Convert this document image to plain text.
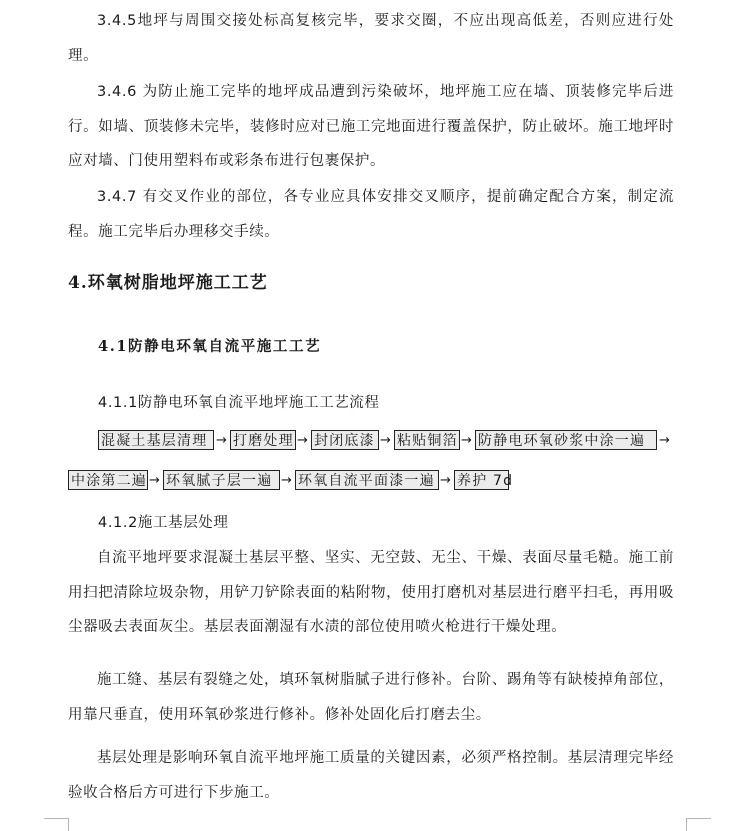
3.4.5地坪与周围交接处标高复核完毕，要求交圈，不应出现高低差，否则应进行处理。

3.4.6 为防止施工完毕的地坪成品遭到污染破坏，地坪施工应在墙、顶装修完毕后进行。如墙、顶装修未完毕，装修时应对已施工完地面进行覆盖保护，防止破坏。施工地坪时应对墙、门使用塑料布或彩条布进行包裹保护。

3.4.7 有交叉作业的部位，各专业应具体安排交叉顺序，提前确定配合方案，制定流程。施工完毕后办理移交手续。

4.环氧树脂地坪施工工艺
4.1防静电环氧自流平施工工艺

4.1.1防静电环氧自流平地坪施工工艺流程

混凝土基层清理 → 打磨处理 → 封闭底漆 → 粘贴铜箔 → 防静电环氧砂浆中涂一遍	→
中涂第二遍 → 环氧腻子层一遍 → 环氧自流平面漆一遍 → 养护 7d

4.1.2施工基层处理

自流平地坪要求混凝土基层平整、坚实、无空鼓、无尘、干燥、表面尽量毛糙。施工前用扫把清除垃圾杂物，用铲刀铲除表面的粘附物，使用打磨机对基层进行磨平扫毛，再用吸尘器吸去表面灰尘。基层表面潮湿有水渍的部位使用喷火枪进行干燥处理。

施工缝、基层有裂缝之处，填环氧树脂腻子进行修补。台阶、踢角等有缺棱掉角部位，用靠尺垂直，使用环氧砂浆进行修补。修补处固化后打磨去尘。

基层处理是影响环氧自流平地坪施工质量的关键因素，必须严格控制。基层清理完毕经验收合格后方可进行下步施工。
